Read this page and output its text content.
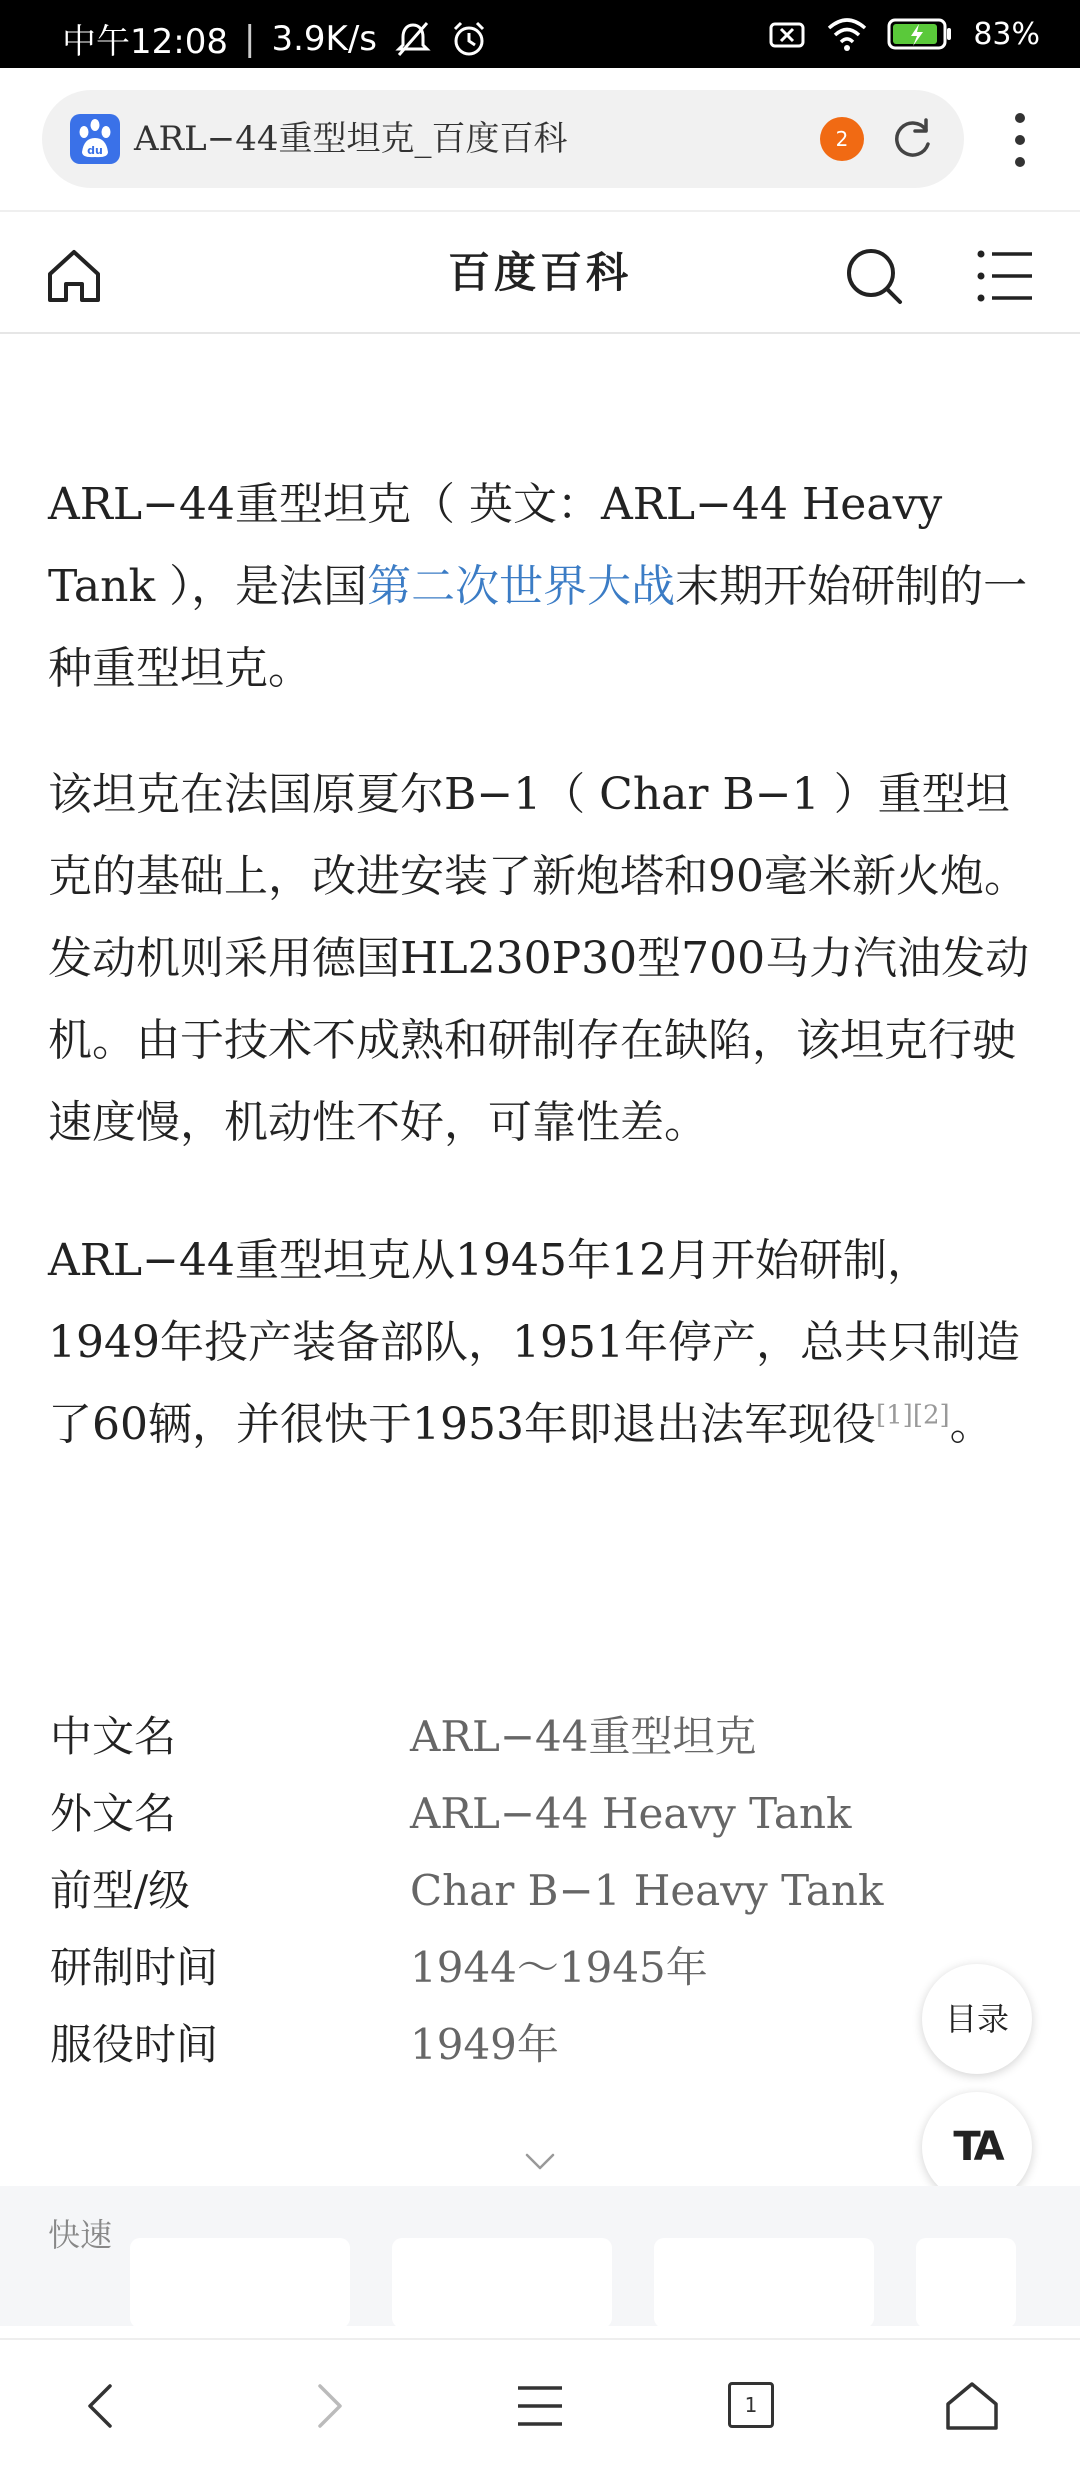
中午12:08 | 3.9K/s	83%
du ARL−44重型坦克_百度百科	2
百度百科
ARL−44重型坦克（ 英文：ARL−44 Heavy Tank ），是法国第二次世界大战末期开始研制的一种重型坦克。
该坦克在法国原夏尔B−1（ Char B−1 ）重型坦克的基础上，改进安装了新炮塔和90毫米新火炮。发动机则采用德国HL230P30型700马力汽油发动机。由于技术不成熟和研制存在缺陷，该坦克行驶速度慢，机动性不好，可靠性差。
ARL−44重型坦克从1945年12月开始研制，1949年投产装备部队，1951年停产，总共只制造了60辆，并很快于1953年即退出法军现役[1][2]。
中文名	ARL−44重型坦克
外文名	ARL−44 Heavy Tank
前型/级	Char B−1 Heavy Tank
研制时间	1944～1945年
服役时间	1949年
目录
TA
快速
1
